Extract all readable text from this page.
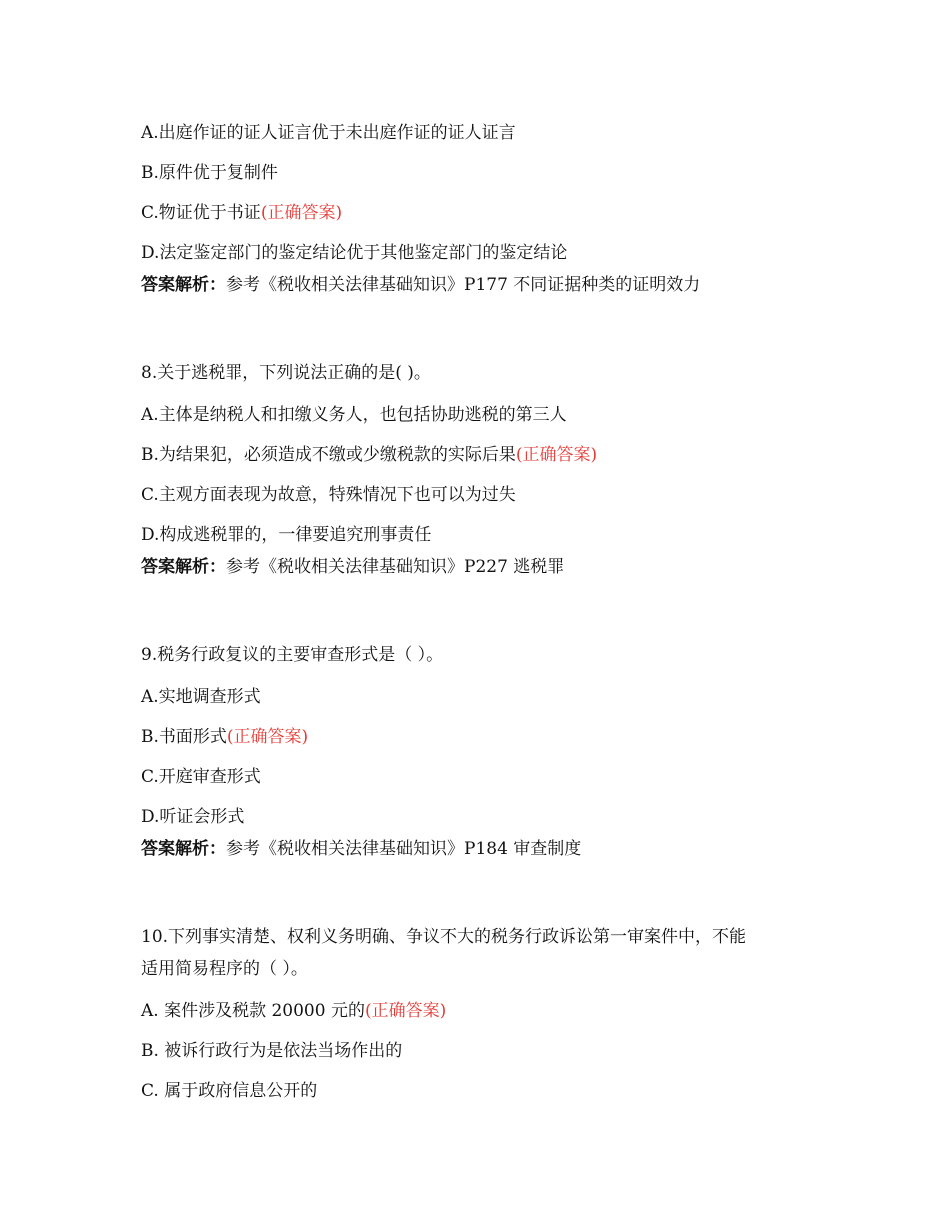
A.出庭作证的证人证言优于未出庭作证的证人证言
B.原件优于复制件
C.物证优于书证(正确答案)
D.法定鉴定部门的鉴定结论优于其他鉴定部门的鉴定结论
答案解析：参考《税收相关法律基础知识》P177 不同证据种类的证明效力
8.关于逃税罪，下列说法正确的是( )。
A.主体是纳税人和扣缴义务人，也包括协助逃税的第三人
B.为结果犯，必须造成不缴或少缴税款的实际后果(正确答案)
C.主观方面表现为故意，特殊情况下也可以为过失
D.构成逃税罪的，一律要追究刑事责任
答案解析：参考《税收相关法律基础知识》P227 逃税罪
9.税务行政复议的主要审查形式是（ ）。
A.实地调查形式
B.书面形式(正确答案)
C.开庭审查形式
D.听证会形式
答案解析：参考《税收相关法律基础知识》P184 审查制度
10.下列事实清楚、权利义务明确、争议不大的税务行政诉讼第一审案件中，不能
适用简易程序的（ ）。
A. 案件涉及税款 20000 元的(正确答案)
B. 被诉行政行为是依法当场作出的
C. 属于政府信息公开的
